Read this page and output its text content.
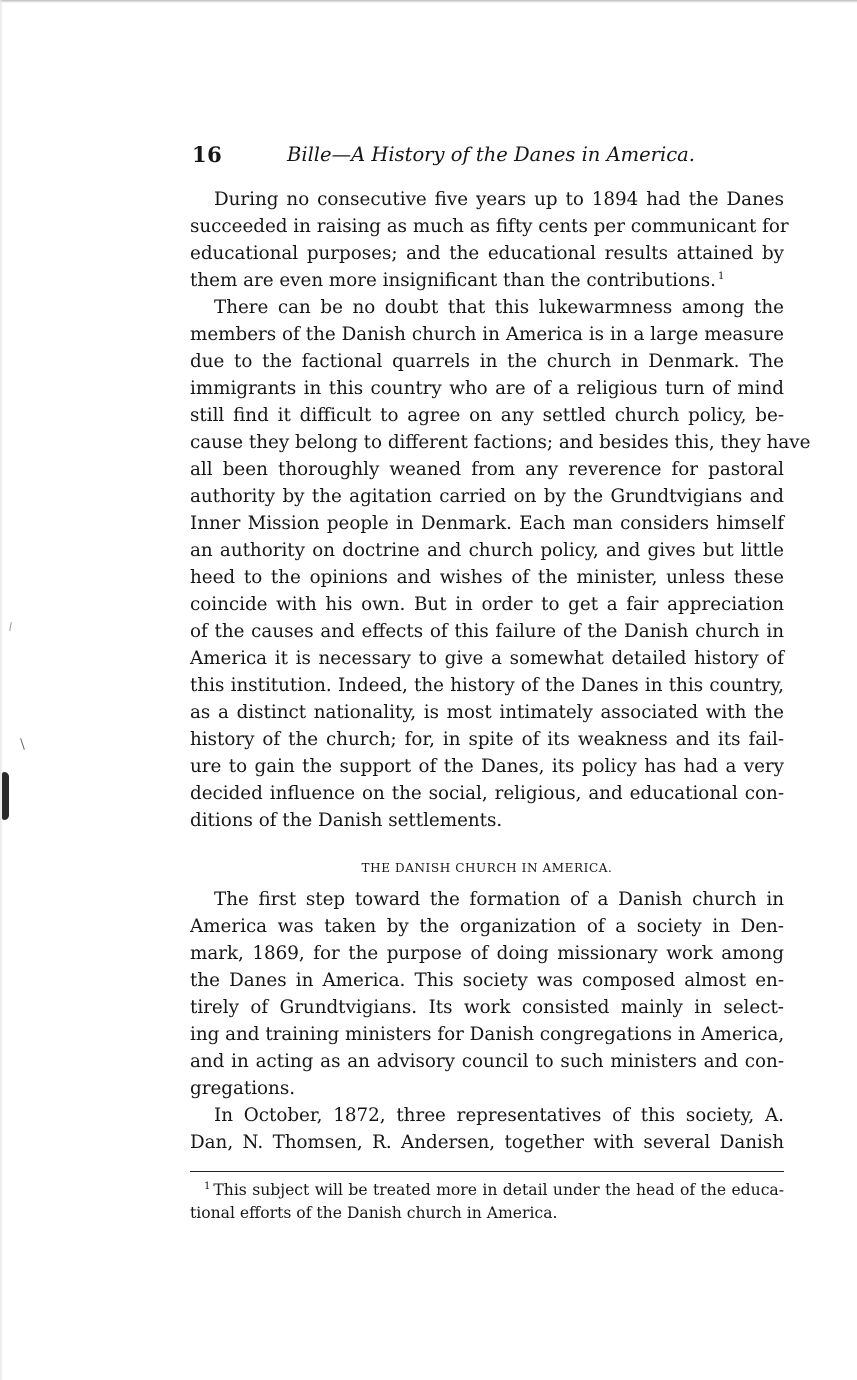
16	Bille—A History of the Danes in America.
During no consecutive five years up to 1894 had the Danes
succeeded in raising as much as fifty cents per communicant for
educational purposes; and the educational results attained by
them are even more insignificant than the contributions. $^1$
There can be no doubt that this lukewarmness among the
members of the Danish church in America is in a large measure
due to the factional quarrels in the church in Denmark. The
immigrants in this country who are of a religious turn of mind
still find it difficult to agree on any settled church policy, be-
cause they belong to different factions; and besides this, they have
all been thoroughly weaned from any reverence for pastoral
authority by the agitation carried on by the Grundtvigians and
Inner Mission people in Denmark. Each man considers himself
an authority on doctrine and church policy, and gives but little
heed to the opinions and wishes of the minister, unless these
coincide with his own. But in order to get a fair appreciation
of the causes and effects of this failure of the Danish church in
America it is necessary to give a somewhat detailed history of
this institution. Indeed, the history of the Danes in this country,
as a distinct nationality, is most intimately associated with the
history of the church; for, in spite of its weakness and its fail-
ure to gain the support of the Danes, its policy has had a very
decided influence on the social, religious, and educational con-
ditions of the Danish settlements.
THE DANISH CHURCH IN AMERICA.
The first step toward the formation of a Danish church in
America was taken by the organization of a society in Den-
mark, 1869, for the purpose of doing missionary work among
the Danes in America. This society was composed almost en-
tirely of Grundtvigians. Its work consisted mainly in select-
ing and training ministers for Danish congregations in America,
and in acting as an advisory council to such ministers and con-
gregations.
In October, 1872, three representatives of this society, A.
Dan, N. Thomsen, R. Andersen, together with several Danish
$^1$ This subject will be treated more in detail under the head of the educa-
tional efforts of the Danish church in America.
